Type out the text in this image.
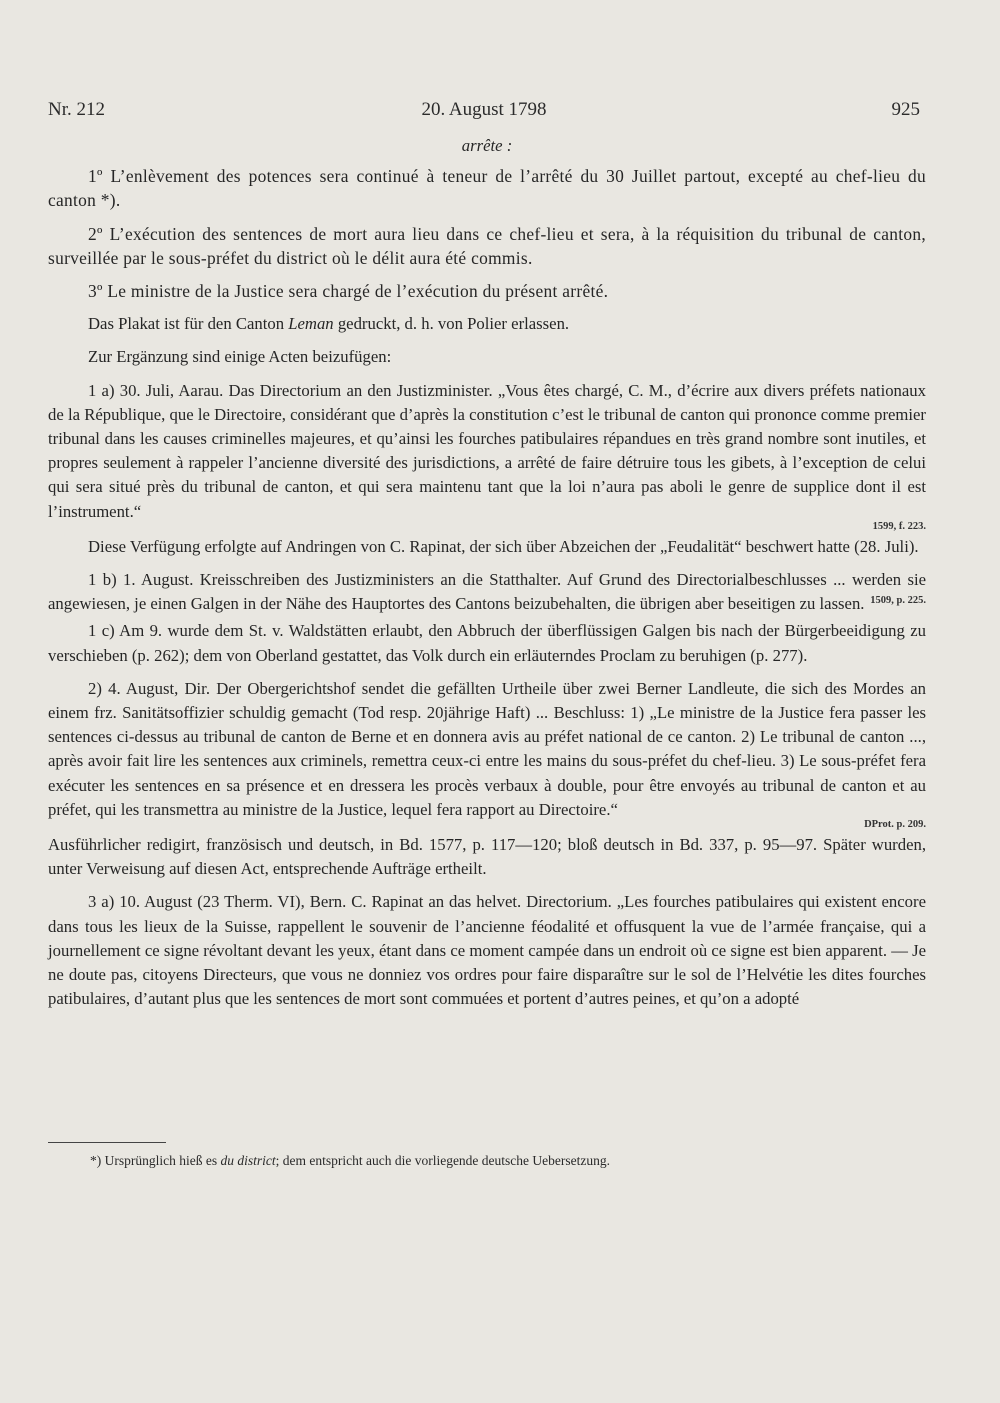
Nr. 212	20. August 1798	925

arrête :

1º L’enlèvement des potences sera continué à teneur de l’arrêté du 30 Juillet partout, excepté au chef-lieu du canton *).

2º L’exécution des sentences de mort aura lieu dans ce chef-lieu et sera, à la réquisition du tribunal de canton, surveillée par le sous-préfet du district où le délit aura été commis.

3º Le ministre de la Justice sera chargé de l’exécution du présent arrêté.

Das Plakat ist für den Canton Leman gedruckt, d. h. von Polier erlassen.

Zur Ergänzung sind einige Acten beizufügen:

1 a) 30. Juli, Aarau. Das Directorium an den Justizminister. „Vous êtes chargé, C. M., d’écrire aux divers préfets nationaux de la République, que le Directoire, considérant que d’après la constitution c’est le tribunal de canton qui prononce comme premier tribunal dans les causes criminelles majeures, et qu’ainsi les fourches patibulaires répandues en très grand nombre sont inutiles, et propres seulement à rappeler l’ancienne diversité des jurisdictions, a arrêté de faire détruire tous les gibets, à l’exception de celui qui sera situé près du tribunal de canton, et qui sera maintenu tant que la loi n’aura pas aboli le genre de supplice dont il est l’instrument.“

1599, f. 223.

Diese Verfügung erfolgte auf Andringen von C. Rapinat, der sich über Abzeichen der „Feudalität“ beschwert hatte (28. Juli).

1 b) 1. August. Kreisschreiben des Justizministers an die Statthalter. Auf Grund des Directorialbeschlusses ... werden sie angewiesen, je einen Galgen in der Nähe des Hauptortes des Cantons beizubehalten, die übrigen aber beseitigen zu lassen. 1509, p. 225.

1 c) Am 9. wurde dem St. v. Waldstätten erlaubt, den Abbruch der überflüssigen Galgen bis nach der Bürgerbeeidigung zu verschieben (p. 262); dem von Oberland gestattet, das Volk durch ein erläuterndes Proclam zu beruhigen (p. 277).

2) 4. August, Dir. Der Obergerichtshof sendet die gefällten Urtheile über zwei Berner Landleute, die sich des Mordes an einem frz. Sanitätsoffizier schuldig gemacht (Tod resp. 20jährige Haft) ... Beschluss: 1) „Le ministre de la Justice fera passer les sentences ci-dessus au tribunal de canton de Berne et en donnera avis au préfet national de ce canton. 2) Le tribunal de canton ..., après avoir fait lire les sentences aux criminels, remettra ceux-ci entre les mains du sous-préfet du chef-lieu. 3) Le sous-préfet fera exécuter les sentences en sa présence et en dressera les procès verbaux à double, pour être envoyés au tribunal de canton et au préfet, qui les transmettra au ministre de la Justice, lequel fera rapport au Directoire.“

DProt. p. 209.

Ausführlicher redigirt, französisch und deutsch, in Bd. 1577, p. 117—120; bloß deutsch in Bd. 337, p. 95—97. Später wurden, unter Verweisung auf diesen Act, entsprechende Aufträge ertheilt.

3 a) 10. August (23 Therm. VI), Bern. C. Rapinat an das helvet. Directorium. „Les fourches patibulaires qui existent encore dans tous les lieux de la Suisse, rappellent le souvenir de l’ancienne féodalité et offusquent la vue de l’armée française, qui a journellement ce signe révoltant devant les yeux, étant dans ce moment campée dans un endroit où ce signe est bien apparent. — Je ne doute pas, citoyens Directeurs, que vous ne donniez vos ordres pour faire disparaître sur le sol de l’Helvétie les dites fourches patibulaires, d’autant plus que les sentences de mort sont commuées et portent d’autres peines, et qu’on a adopté

*) Ursprünglich hieß es du district; dem entspricht auch die vorliegende deutsche Uebersetzung.
